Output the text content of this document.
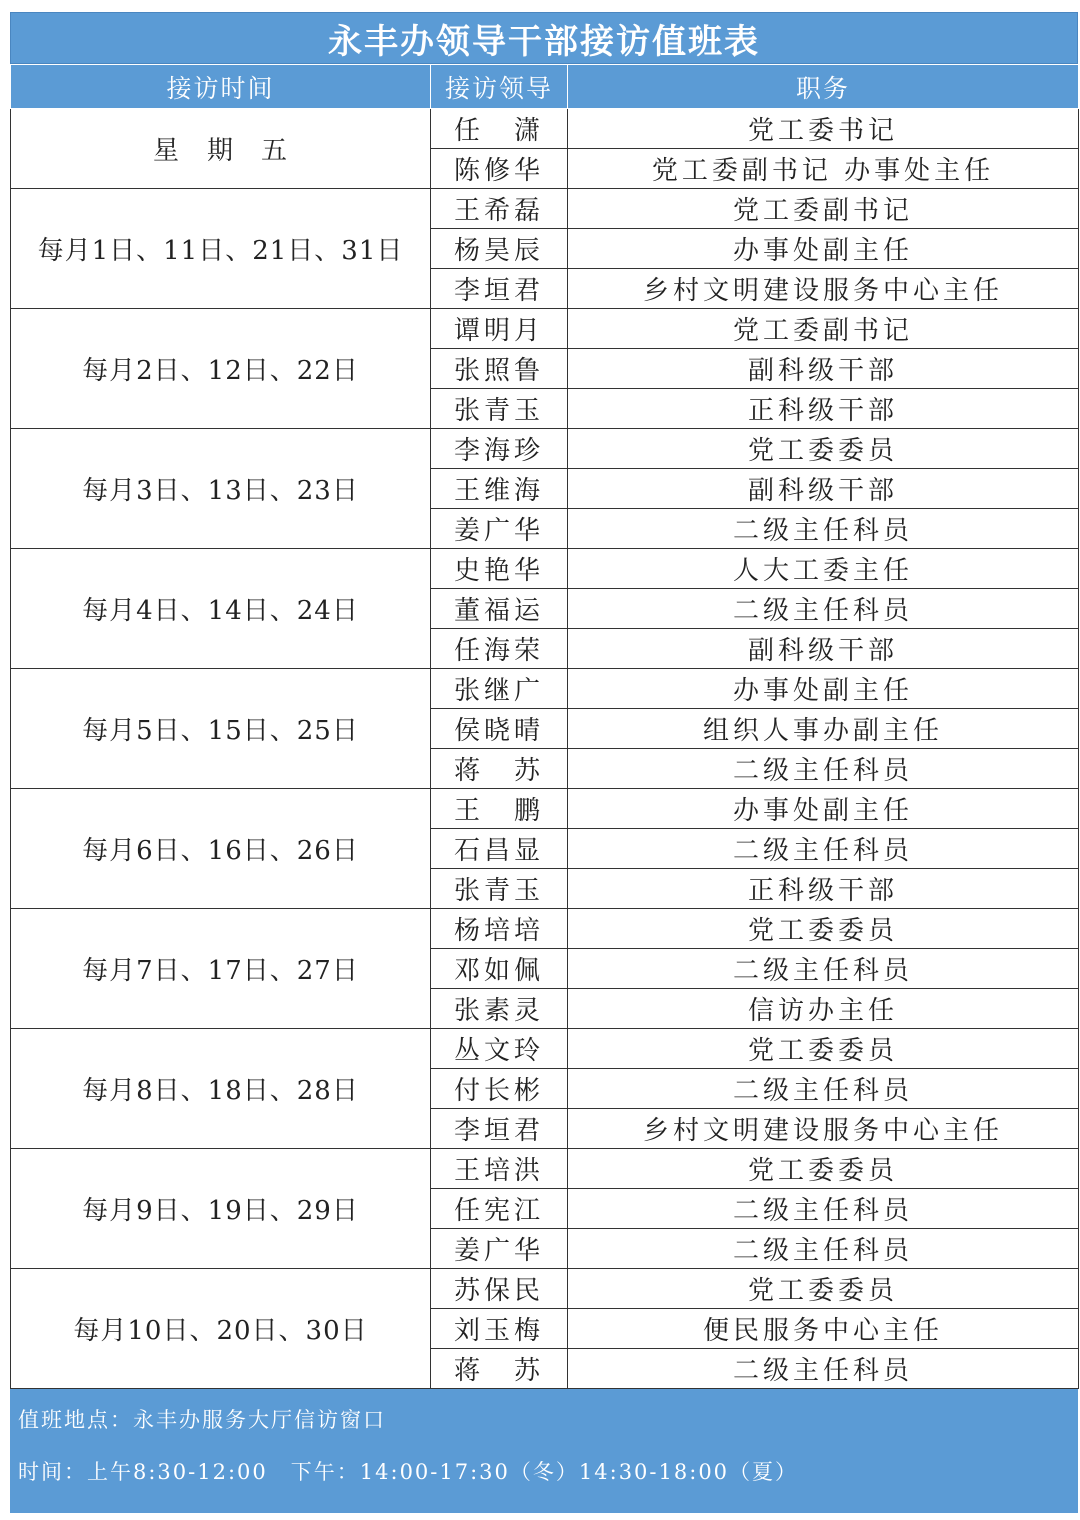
永丰办领导干部接访值班表
接访时间	接访领导	职务
星　期　五	任　潇	党工委书记
	陈修华	党工委副书记 办事处主任
每月1日、11日、21日、31日	王希磊	党工委副书记
	杨昊辰	办事处副主任
	李垣君	乡村文明建设服务中心主任
每月2日、12日、22日	谭明月	党工委副书记
	张照鲁	副科级干部
	张青玉	正科级干部
每月3日、13日、23日	李海珍	党工委委员
	王维海	副科级干部
	姜广华	二级主任科员
每月4日、14日、24日	史艳华	人大工委主任
	董福运	二级主任科员
	任海荣	副科级干部
每月5日、15日、25日	张继广	办事处副主任
	侯晓晴	组织人事办副主任
	蒋　苏	二级主任科员
每月6日、16日、26日	王　鹏	办事处副主任
	石昌显	二级主任科员
	张青玉	正科级干部
每月7日、17日、27日	杨培培	党工委委员
	邓如佩	二级主任科员
	张素灵	信访办主任
每月8日、18日、28日	丛文玲	党工委委员
	付长彬	二级主任科员
	李垣君	乡村文明建设服务中心主任
每月9日、19日、29日	王培洪	党工委委员
	任宪江	二级主任科员
	姜广华	二级主任科员
每月10日、20日、30日	苏保民	党工委委员
	刘玉梅	便民服务中心主任
	蒋　苏	二级主任科员
值班地点：永丰办服务大厅信访窗口
时间：上午8:30-12:00　下午：14:00-17:30（冬）14:30-18:00（夏）
